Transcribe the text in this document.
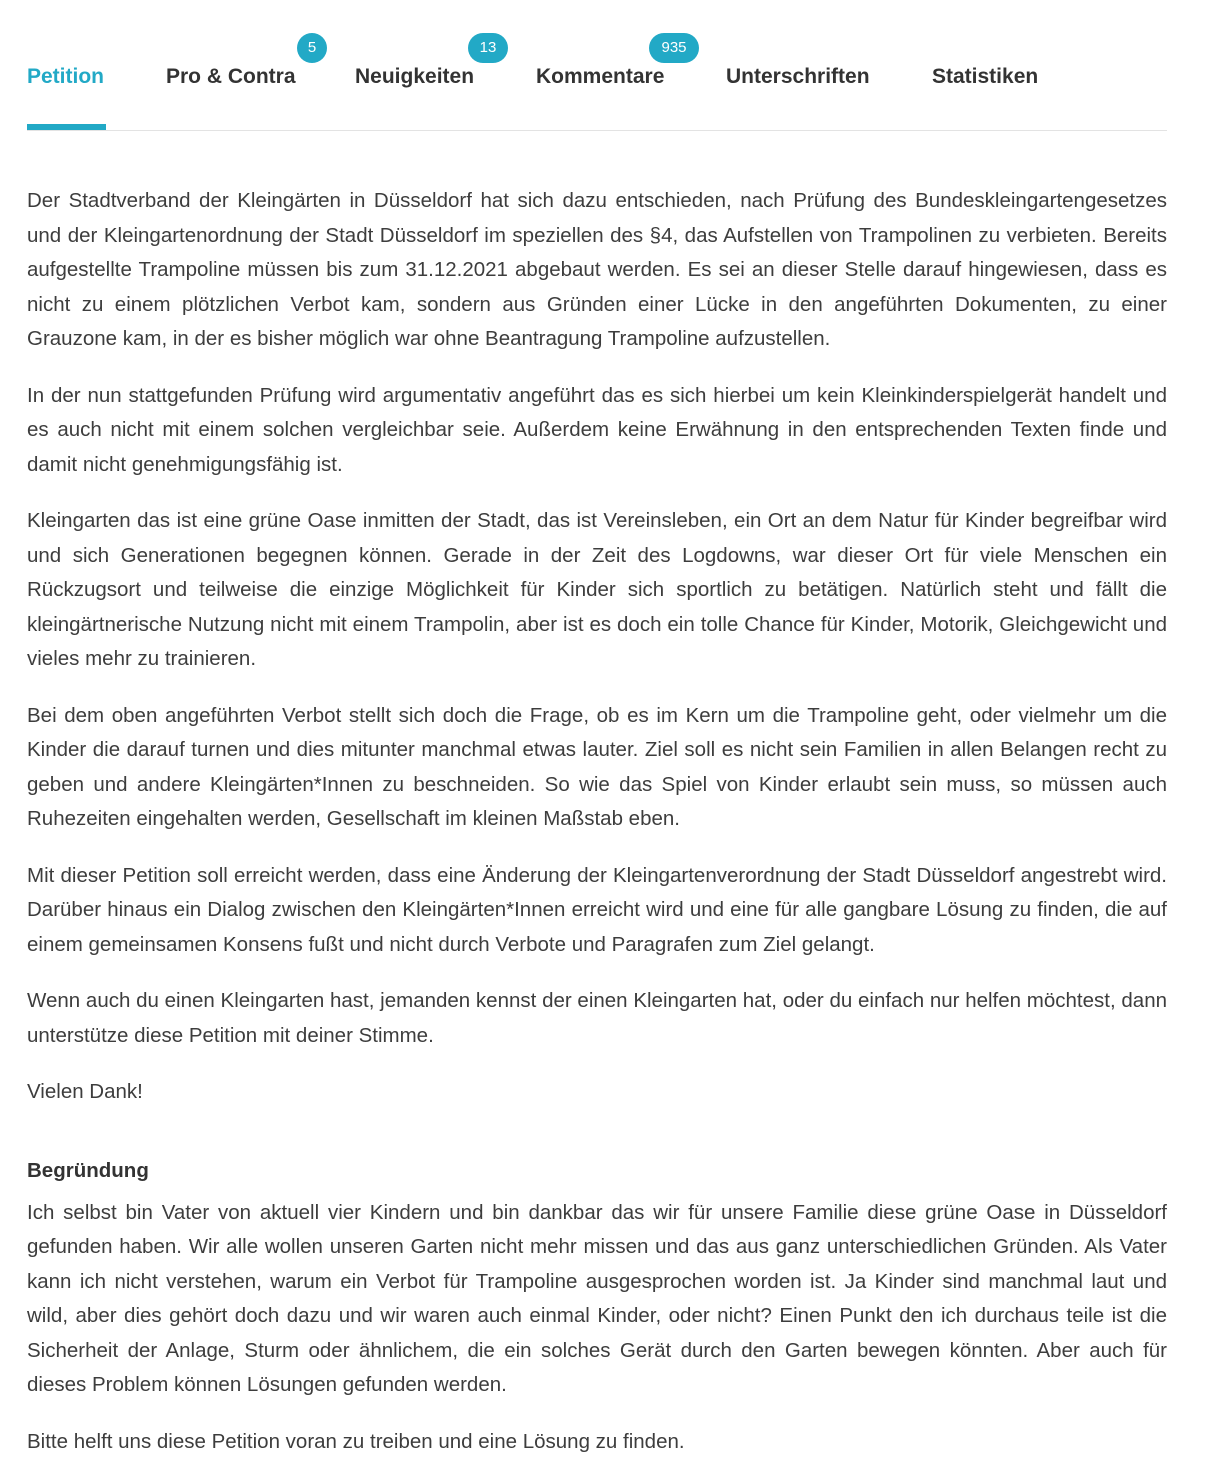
Petition	Pro & Contra
5
Neuigkeiten
13
Kommentare
935
Unterschriften	Statistiken

Der Stadtverband der Kleingärten in Düsseldorf hat sich dazu entschieden, nach Prüfung des Bundeskleingartengesetzes und der Kleingartenordnung der Stadt Düsseldorf im speziellen des §4, das Aufstellen von Trampolinen zu verbieten. Bereits aufgestellte Trampoline müssen bis zum 31.12.2021 abgebaut werden. Es sei an dieser Stelle darauf hingewiesen, dass es nicht zu einem plötzlichen Verbot kam, sondern aus Gründen einer Lücke in den angeführten Dokumenten, zu einer Grauzone kam, in der es bisher möglich war ohne Beantragung Trampoline aufzustellen.

In der nun stattgefunden Prüfung wird argumentativ angeführt das es sich hierbei um kein Kleinkinderspielgerät handelt und es auch nicht mit einem solchen vergleichbar seie. Außerdem keine Erwähnung in den entsprechenden Texten finde und damit nicht genehmigungsfähig ist.

Kleingarten das ist eine grüne Oase inmitten der Stadt, das ist Vereinsleben, ein Ort an dem Natur für Kinder begreifbar wird und sich Generationen begegnen können. Gerade in der Zeit des Logdowns, war dieser Ort für viele Menschen ein Rückzugsort und teilweise die einzige Möglichkeit für Kinder sich sportlich zu betätigen. Natürlich steht und fällt die kleingärtnerische Nutzung nicht mit einem Trampolin, aber ist es doch ein tolle Chance für Kinder, Motorik, Gleichgewicht und vieles mehr zu trainieren.

Bei dem oben angeführten Verbot stellt sich doch die Frage, ob es im Kern um die Trampoline geht, oder vielmehr um die Kinder die darauf turnen und dies mitunter manchmal etwas lauter. Ziel soll es nicht sein Familien in allen Belangen recht zu geben und andere Kleingärten*Innen zu beschneiden. So wie das Spiel von Kinder erlaubt sein muss, so müssen auch Ruhezeiten eingehalten werden, Gesellschaft im kleinen Maßstab eben.

Mit dieser Petition soll erreicht werden, dass eine Änderung der Kleingartenverordnung der Stadt Düsseldorf angestrebt wird. Darüber hinaus ein Dialog zwischen den Kleingärten*Innen erreicht wird und eine für alle gangbare Lösung zu finden, die auf einem gemeinsamen Konsens fußt und nicht durch Verbote und Paragrafen zum Ziel gelangt.

Wenn auch du einen Kleingarten hast, jemanden kennst der einen Kleingarten hat, oder du einfach nur helfen möchtest, dann unterstütze diese Petition mit deiner Stimme.

Vielen Dank!

Begründung

Ich selbst bin Vater von aktuell vier Kindern und bin dankbar das wir für unsere Familie diese grüne Oase in Düsseldorf gefunden haben. Wir alle wollen unseren Garten nicht mehr missen und das aus ganz unterschiedlichen Gründen. Als Vater kann ich nicht verstehen, warum ein Verbot für Trampoline ausgesprochen worden ist. Ja Kinder sind manchmal laut und wild, aber dies gehört doch dazu und wir waren auch einmal Kinder, oder nicht? Einen Punkt den ich durchaus teile ist die Sicherheit der Anlage, Sturm oder ähnlichem, die ein solches Gerät durch den Garten bewegen könnten. Aber auch für dieses Problem können Lösungen gefunden werden.

Bitte helft uns diese Petition voran zu treiben und eine Lösung zu finden.
